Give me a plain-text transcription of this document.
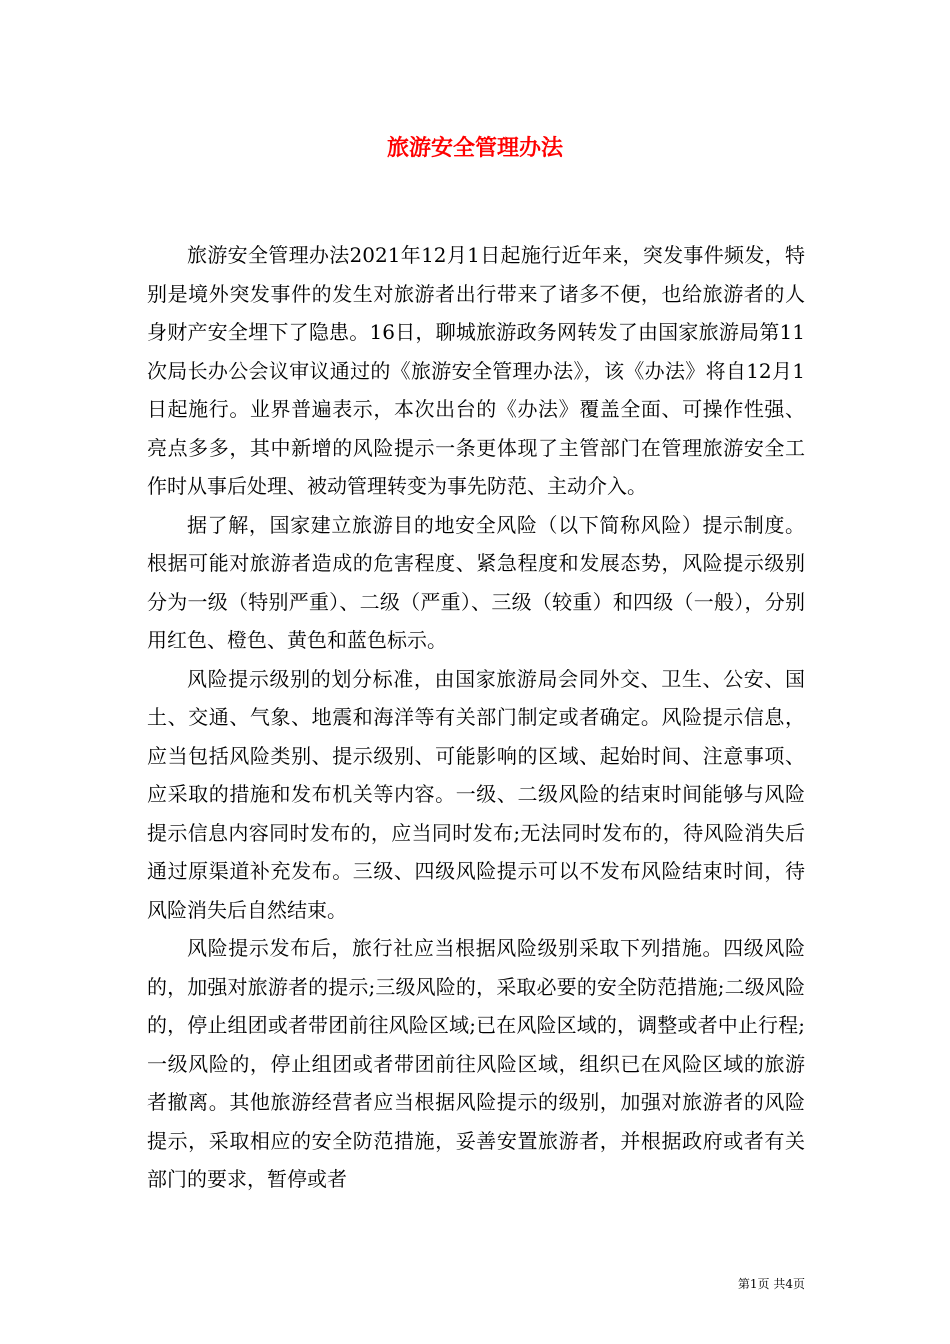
旅游安全管理办法

旅游安全管理办法2021年12月1日起施行近年来，突发事件频发，特别是境外突发事件的发生对旅游者出行带来了诸多不便，也给旅游者的人身财产安全埋下了隐患。16日，聊城旅游政务网转发了由国家旅游局第11次局长办公会议审议通过的《旅游安全管理办法》，该《办法》将自12月1日起施行。业界普遍表示，本次出台的《办法》覆盖全面、可操作性强、亮点多多，其中新增的风险提示一条更体现了主管部门在管理旅游安全工作时从事后处理、被动管理转变为事先防范、主动介入。

据了解，国家建立旅游目的地安全风险（以下简称风险）提示制度。根据可能对旅游者造成的危害程度、紧急程度和发展态势，风险提示级别分为一级（特别严重）、二级（严重）、三级（较重）和四级（一般），分别用红色、橙色、黄色和蓝色标示。

风险提示级别的划分标准，由国家旅游局会同外交、卫生、公安、国土、交通、气象、地震和海洋等有关部门制定或者确定。风险提示信息，应当包括风险类别、提示级别、可能影响的区域、起始时间、注意事项、应采取的措施和发布机关等内容。一级、二级风险的结束时间能够与风险提示信息内容同时发布的，应当同时发布;无法同时发布的，待风险消失后通过原渠道补充发布。三级、四级风险提示可以不发布风险结束时间，待风险消失后自然结束。

风险提示发布后，旅行社应当根据风险级别采取下列措施。四级风险的，加强对旅游者的提示;三级风险的，采取必要的安全防范措施;二级风险的，停止组团或者带团前往风险区域;已在风险区域的，调整或者中止行程;一级风险的，停止组团或者带团前往风险区域，组织已在风险区域的旅游者撤离。其他旅游经营者应当根据风险提示的级别，加强对旅游者的风险提示，采取相应的安全防范措施，妥善安置旅游者，并根据政府或者有关部门的要求，暂停或者

第1页 共4页
